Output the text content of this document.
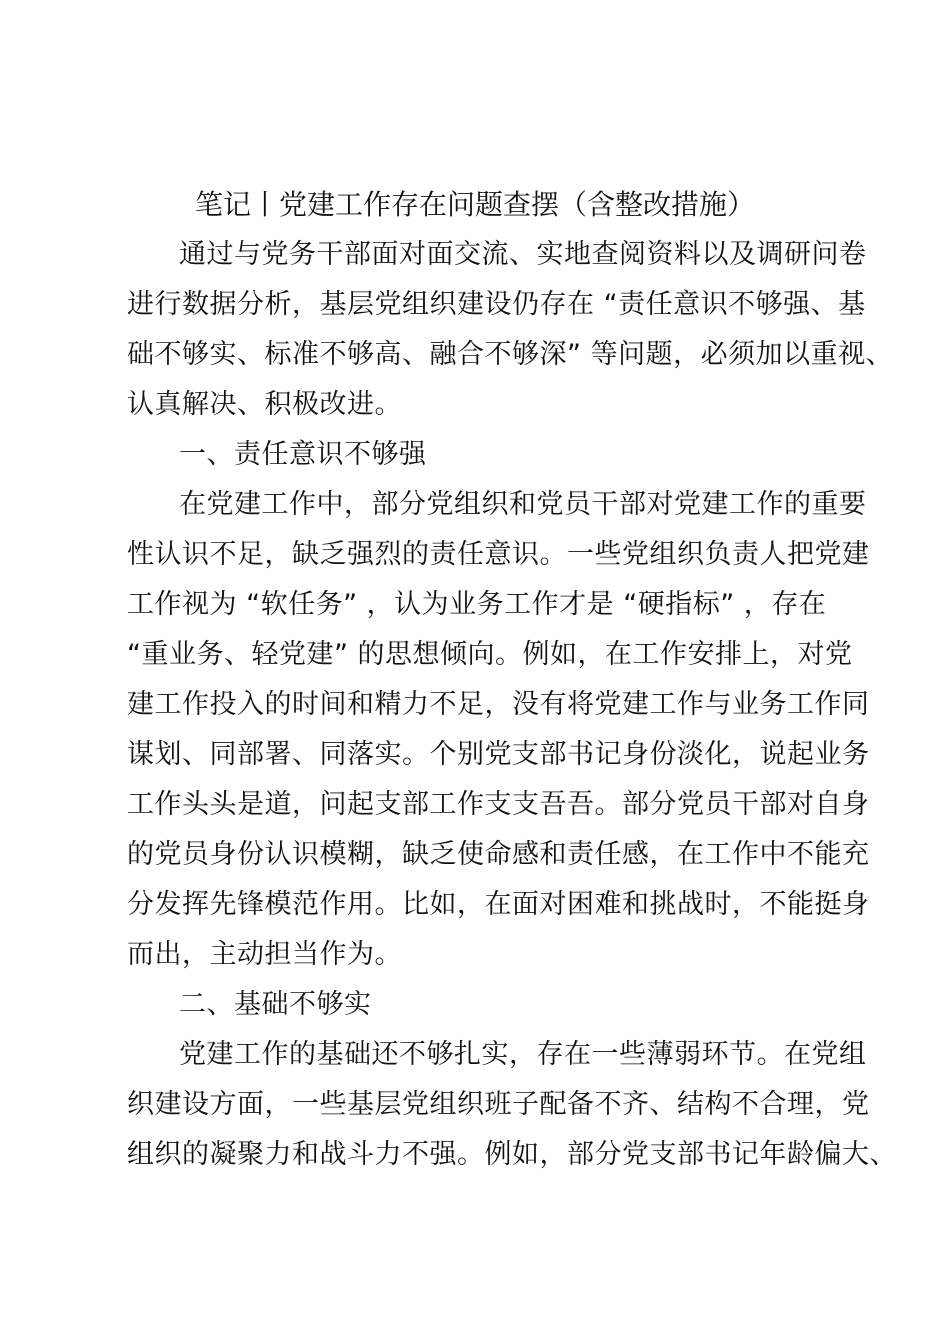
笔记丨党建工作存在问题查摆（含整改措施）
通过与党务干部面对面交流、实地查阅资料以及调研问卷
进行数据分析，基层党组织建设仍存在 “责任意识不够强、基
础不够实、标准不够高、融合不够深” 等问题，必须加以重视、
认真解决、积极改进。
一、责任意识不够强
在党建工作中，部分党组织和党员干部对党建工作的重要
性认识不足，缺乏强烈的责任意识。一些党组织负责人把党建
工作视为 “软任务” ，认为业务工作才是 “硬指标” ，存在
“重业务、轻党建” 的思想倾向。例如，在工作安排上，对党
建工作投入的时间和精力不足，没有将党建工作与业务工作同
谋划、同部署、同落实。个别党支部书记身份淡化，说起业务
工作头头是道，问起支部工作支支吾吾。部分党员干部对自身
的党员身份认识模糊，缺乏使命感和责任感，在工作中不能充
分发挥先锋模范作用。比如，在面对困难和挑战时，不能挺身
而出，主动担当作为。
二、基础不够实
党建工作的基础还不够扎实，存在一些薄弱环节。在党组
织建设方面，一些基层党组织班子配备不齐、结构不合理，党
组织的凝聚力和战斗力不强。例如，部分党支部书记年龄偏大、
